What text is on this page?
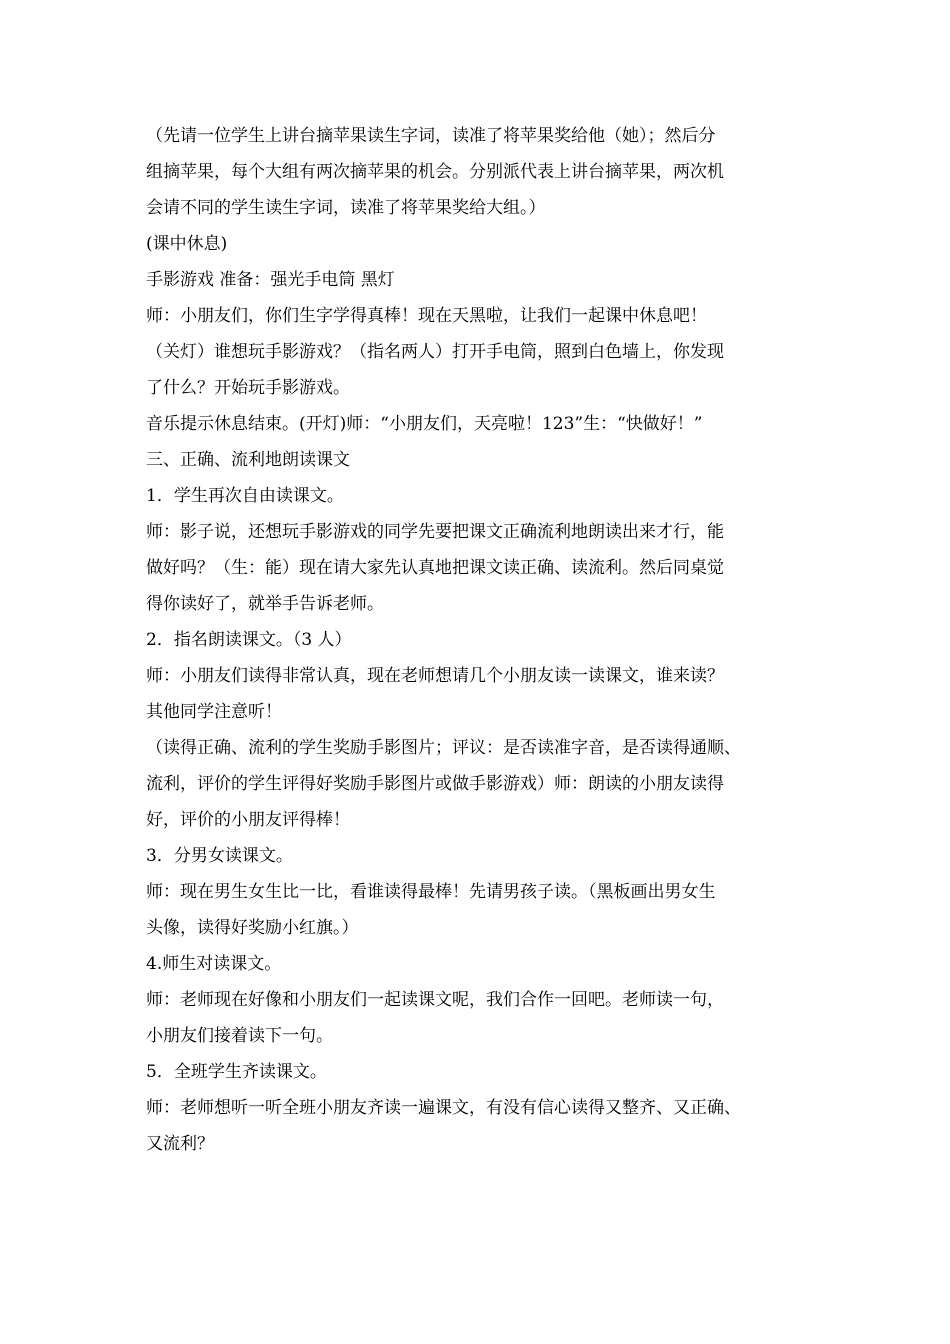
（先请一位学生上讲台摘苹果读生字词，读准了将苹果奖给他（她）；然后分
组摘苹果，每个大组有两次摘苹果的机会。分别派代表上讲台摘苹果，两次机
会请不同的学生读生字词，读准了将苹果奖给大组。）
(课中休息)
手影游戏 准备：强光手电筒 黑灯
师：小朋友们，你们生字学得真棒！现在天黑啦，让我们一起课中休息吧！
（关灯）谁想玩手影游戏？（指名两人）打开手电筒，照到白色墙上，你发现
了什么？开始玩手影游戏。
音乐提示休息结束。(开灯)师：“小朋友们，天亮啦！123”生：“快做好！”
三、正确、流利地朗读课文
1．学生再次自由读课文。
师：影子说，还想玩手影游戏的同学先要把课文正确流利地朗读出来才行，能
做好吗？（生：能）现在请大家先认真地把课文读正确、读流利。然后同桌觉
得你读好了，就举手告诉老师。
2．指名朗读课文。（3 人）
师：小朋友们读得非常认真，现在老师想请几个小朋友读一读课文，谁来读？
其他同学注意听！
（读得正确、流利的学生奖励手影图片；评议：是否读准字音，是否读得通顺、
流利，评价的学生评得好奖励手影图片或做手影游戏）师：朗读的小朋友读得
好，评价的小朋友评得棒！
3．分男女读课文。
师：现在男生女生比一比，看谁读得最棒！先请男孩子读。（黑板画出男女生
头像，读得好奖励小红旗。）
4.师生对读课文。
师：老师现在好像和小朋友们一起读课文呢，我们合作一回吧。老师读一句，
小朋友们接着读下一句。
5．全班学生齐读课文。
师：老师想听一听全班小朋友齐读一遍课文，有没有信心读得又整齐、又正确、
又流利？
